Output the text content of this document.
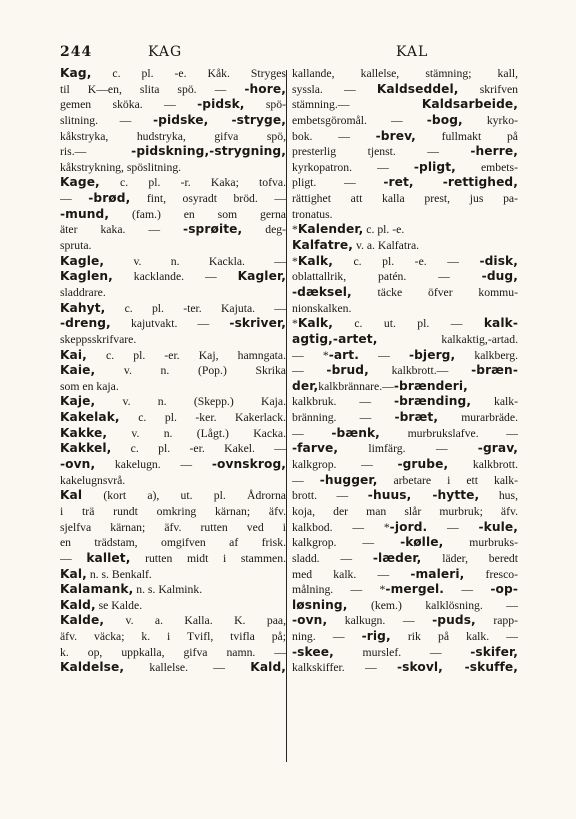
244	KAG	KAL
Kag, c. pl. -e. Kåk. Stryges
til K—en, slita spö. — -hore,
gemen sköka. — -pidsk, spö-
slitning. — -pidske, -stryge,
kåkstryka, hudstryka, gifva spö,
ris.— -pidskning,-strygning,
kåkstrykning, spöslitning.
Kage, c. pl. -r. Kaka; tofva.
— -brød, fint, osyradt bröd. —
-mund, (fam.) en som gerna
äter kaka. — -sprøite, deg-
spruta.
Kagle, v. n. Kackla. —
Kaglen, kacklande. — Kagler,
sladdrare.
Kahyt, c. pl. -ter. Kajuta. —
-dreng, kajutvakt. — -skriver,
skeppsskrifvare.
Kai, c. pl. -er. Kaj, hamngata.
Kaie, v. n. (Pop.) Skrika
som en kaja.
Kaje, v. n. (Skepp.) Kaja.
Kakelak, c. pl. -ker. Kakerlack.
Kakke, v. n. (Lågt.) Kacka.
Kakkel, c. pl. -er. Kakel. —
-ovn, kakelugn. — -ovnskrog,
kakelugnsvrå.
Kal (kort a), ut. pl. Ådrorna
i trä rundt omkring kärnan; äfv.
sjelfva kärnan; äfv. rutten ved i
en trädstam, omgifven af frisk.
— kallet, rutten midt i stammen.
Kal, n. s. Benkalf.
Kalamank, n. s. Kalmink.
Kald, se Kalde.
Kalde, v. a. Kalla. K. paa,
äfv. väcka; k. i Tvifl, tvifla på;
k. op, uppkalla, gifva namn. —
Kaldelse, kallelse. — Kald,
kallande, kallelse, stämning; kall,
syssla. — Kaldseddel, skrifven
stämning.— Kaldsarbeide,
embetsgöromål. — -bog, kyrko-
bok. — -brev, fullmakt på
presterlig tjenst. — -herre,
kyrkopatron. — -pligt, embets-
pligt. — -ret, -rettighed,
rättighet att kalla prest, jus pa-
tronatus.
*Kalender, c. pl. -e.
Kalfatre, v. a. Kalfatra.
*Kalk, c. pl. -e. — -disk,
oblattallrik, patén. — -dug,
-dæksel, täcke öfver kommu-
nionskalken.
*Kalk, c. ut. pl. — kalk-
agtig,-artet, kalkaktig,-artad.
— *-art. — -bjerg, kalkberg.
— -brud, kalkbrott.— -bræn-
der,kalkbrännare.—-brænderi,
kalkbruk. — -brænding, kalk-
bränning. — -bræt, murarbräde.
— -bænk, murbrukslafve. —
-farve, limfärg. — -grav,
kalkgrop. — -grube, kalkbrott.
— -hugger, arbetare i ett kalk-
brott. — -huus, -hytte, hus,
koja, der man slår murbruk; äfv.
kalkbod. — *-jord. — -kule,
kalkgrop. — -kølle, murbruks-
sladd. — -læder, läder, beredt
med kalk. — -maleri, fresco-
målning. — *-mergel. — -op-
løsning, (kem.) kalklösning. —
-ovn, kalkugn. — -puds, rapp-
ning. — -rig, rik på kalk. —
-skee, murslef. — -skifer,
kalkskiffer. — -skovl, -skuffe,
